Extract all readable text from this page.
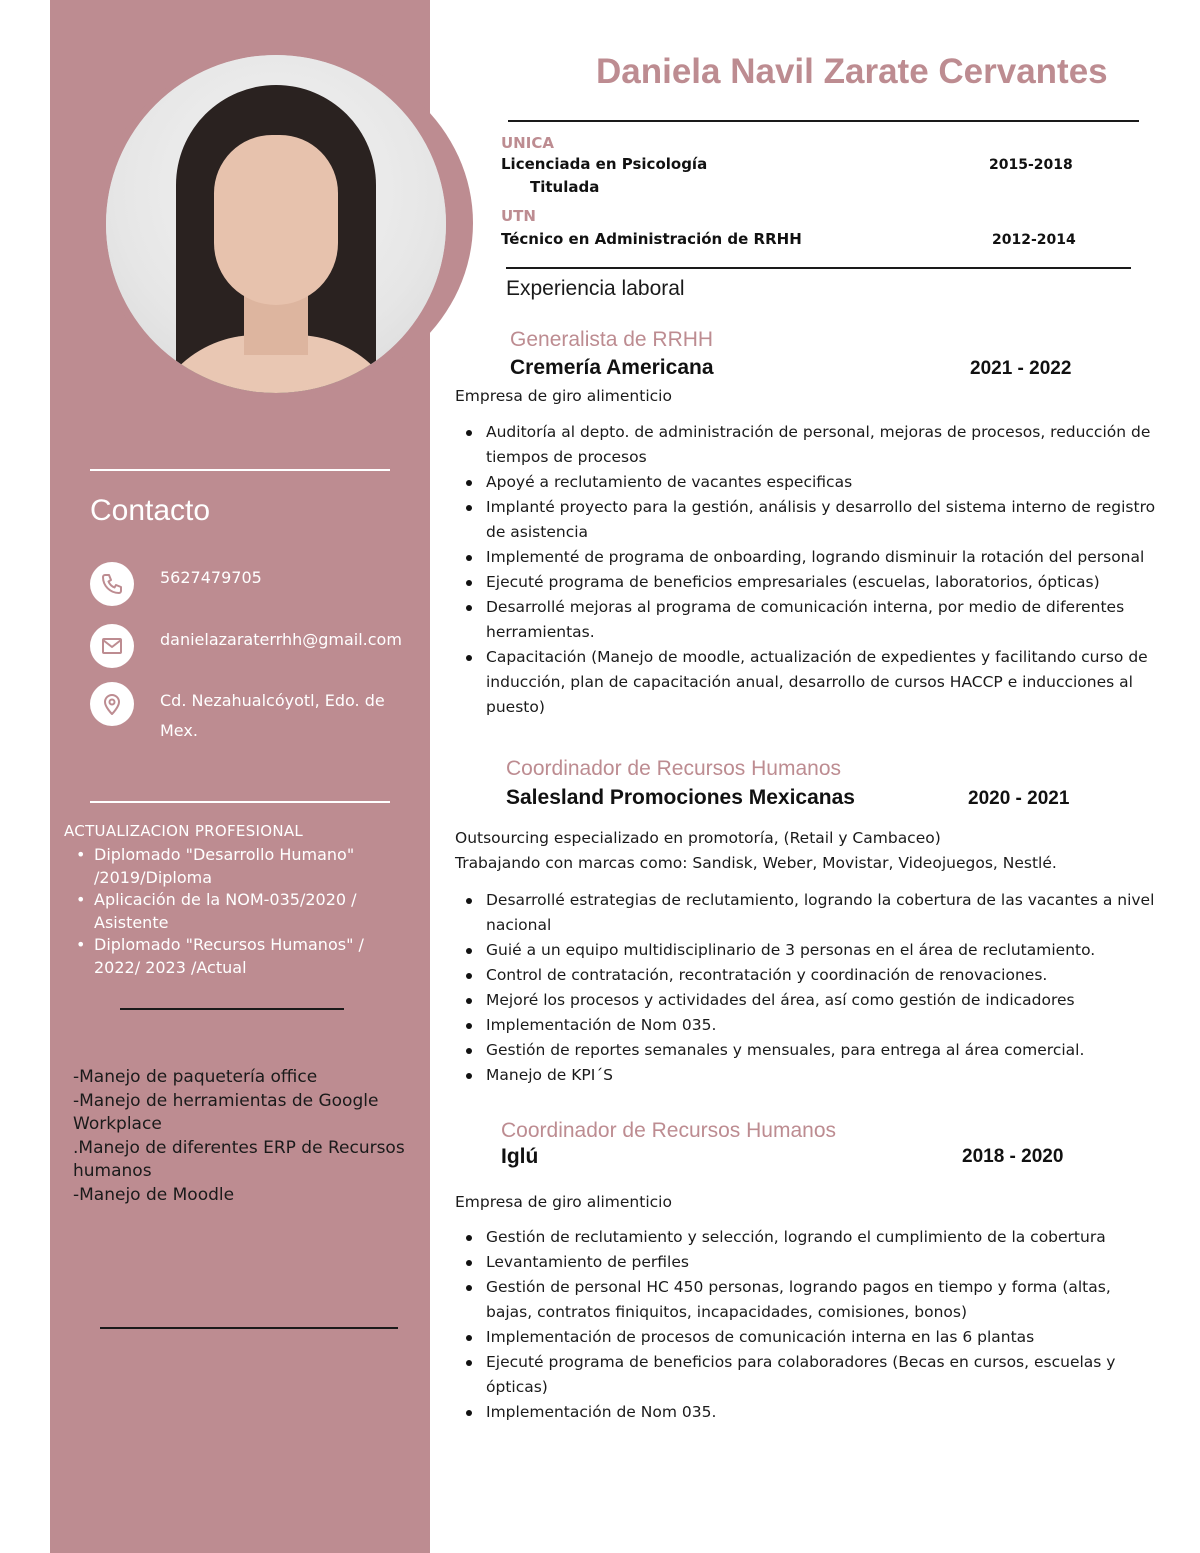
Contacto
5627479705
danielazaraterrhh@gmail.com
Cd. Nezahualcóyotl, Edo. de Mex.
ACTUALIZACION PROFESIONAL
• Diplomado "Desarrollo Humano" /2019/Diploma
• Aplicación de la NOM-035/2020 / Asistente
• Diplomado "Recursos Humanos" / 2022/ 2023 /Actual
-Manejo de paquetería office
-Manejo de herramientas de Google Workplace
.Manejo de diferentes ERP de Recursos humanos
-Manejo de Moodle
Daniela Navil Zarate Cervantes
UNICA
Licenciada en Psicología	2015-2018
Titulada
UTN
Técnico en Administración de RRHH	2012-2014
Experiencia laboral
Generalista de RRHH
Cremería Americana	2021 - 2022
Empresa de giro alimenticio
Auditoría al depto. de administración de personal, mejoras de procesos, reducción de tiempos de procesos
Apoyé a reclutamiento de vacantes especificas
Implanté proyecto para la gestión, análisis y desarrollo del sistema interno de registro de asistencia
Implementé de programa de onboarding, logrando disminuir la rotación del personal
Ejecuté programa de beneficios empresariales (escuelas, laboratorios, ópticas)
Desarrollé mejoras al programa de comunicación interna, por medio de diferentes herramientas.
Capacitación (Manejo de moodle, actualización de expedientes y facilitando curso de inducción, plan de capacitación anual, desarrollo de cursos HACCP e inducciones al puesto)
Coordinador de Recursos Humanos
Salesland Promociones Mexicanas	2020 - 2021
Outsourcing especializado en promotoría, (Retail y Cambaceo)
Trabajando con marcas como: Sandisk, Weber, Movistar, Videojuegos, Nestlé.
Desarrollé estrategias de reclutamiento, logrando la cobertura de las vacantes a nivel nacional
Guié a un equipo multidisciplinario de 3 personas en el área de reclutamiento.
Control de contratación, recontratación y coordinación de renovaciones.
Mejoré los procesos y actividades del área, así como gestión de indicadores
Implementación de Nom 035.
Gestión de reportes semanales y mensuales, para entrega al área comercial.
Manejo de KPI´S
Coordinador de Recursos Humanos
Iglú	2018 - 2020
Empresa de giro alimenticio
Gestión de reclutamiento y selección, logrando el cumplimiento de la cobertura
Levantamiento de perfiles
Gestión de personal HC 450 personas, logrando pagos en tiempo y forma (altas, bajas, contratos finiquitos, incapacidades, comisiones, bonos)
Implementación de procesos de comunicación interna en las 6 plantas
Ejecuté programa de beneficios para colaboradores (Becas en cursos, escuelas y ópticas)
Implementación de Nom 035.
